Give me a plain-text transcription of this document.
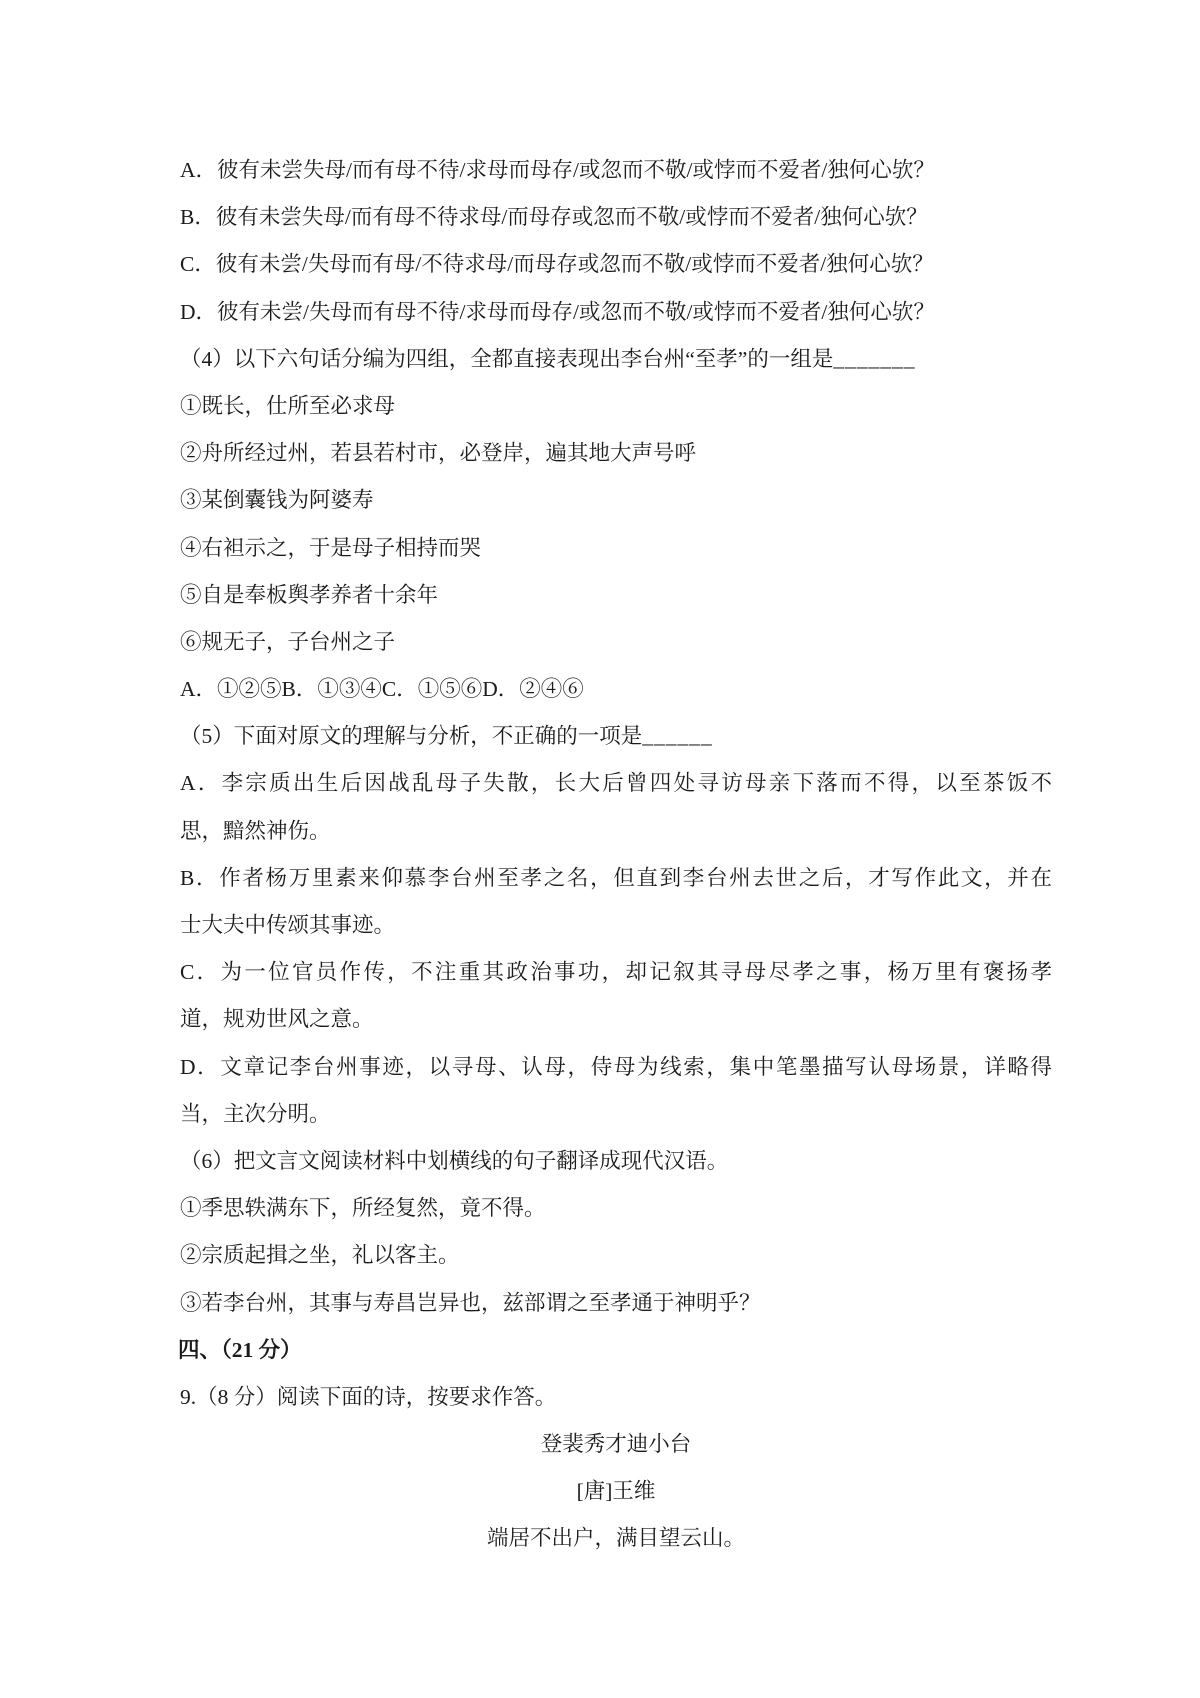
A．彼有未尝失母/而有母不待/求母而母存/或忽而不敬/或悖而不爱者/独何心欤？
B．彼有未尝失母/而有母不待求母/而母存或忽而不敬/或悖而不爱者/独何心欤？
C．彼有未尝/失母而有母/不待求母/而母存或忽而不敬/或悖而不爱者/独何心欤？
D．彼有未尝/失母而有母不待/求母而母存/或忽而不敬/或悖而不爱者/独何心欤？
（4）以下六句话分编为四组，全都直接表现出李台州“至孝”的一组是_______
①既长，仕所至必求母
②舟所经过州，若县若村市，必登岸，遍其地大声号呼
③某倒囊钱为阿婆寿
④右袒示之，于是母子相持而哭
⑤自是奉板舆孝养者十余年
⑥规无子，子台州之子
A．①②⑤B．①③④C．①⑤⑥D．②④⑥
（5）下面对原文的理解与分析，不正确的一项是______
A．李宗质出生后因战乱母子失散，长大后曾四处寻访母亲下落而不得，以至茶饭不
思，黯然神伤。
B．作者杨万里素来仰慕李台州至孝之名，但直到李台州去世之后，才写作此文，并在
士大夫中传颂其事迹。
C．为一位官员作传，不注重其政治事功，却记叙其寻母尽孝之事，杨万里有褒扬孝
道，规劝世风之意。
D．文章记李台州事迹，以寻母、认母，侍母为线索，集中笔墨描写认母场景，详略得
当，主次分明。
（6）把文言文阅读材料中划横线的句子翻译成现代汉语。
①季思轶满东下，所经复然，竟不得。
②宗质起揖之坐，礼以客主。
③若李台州，其事与寿昌岂异也，兹部谓之至孝通于神明乎？
四、（21 分）
9.（8 分）阅读下面的诗，按要求作答。
登裴秀才迪小台
[唐]王维
端居不出户，满目望云山。
